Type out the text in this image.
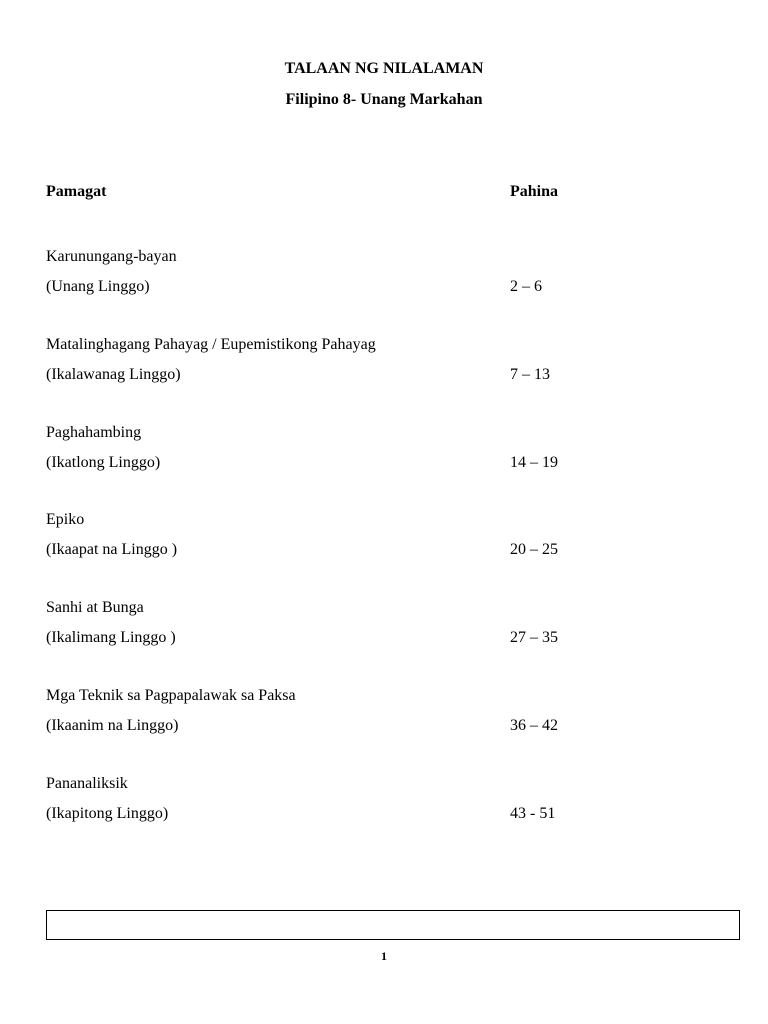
TALAAN NG NILALAMAN
Filipino 8- Unang Markahan
Pamagat	Pahina
Karunungang-bayan
(Unang Linggo)	2 – 6
Matalinghagang Pahayag / Eupemistikong Pahayag
(Ikalawanag Linggo)	7 – 13
Paghahambing
(Ikatlong Linggo)	14 – 19
Epiko
(Ikaapat na Linggo )	20 – 25
Sanhi at Bunga
(Ikalimang Linggo )	27 – 35
Mga Teknik sa Pagpapalawak sa Paksa
(Ikaanim na Linggo)	36 – 42
Pananaliksik
(Ikapitong Linggo)	43 - 51
1
